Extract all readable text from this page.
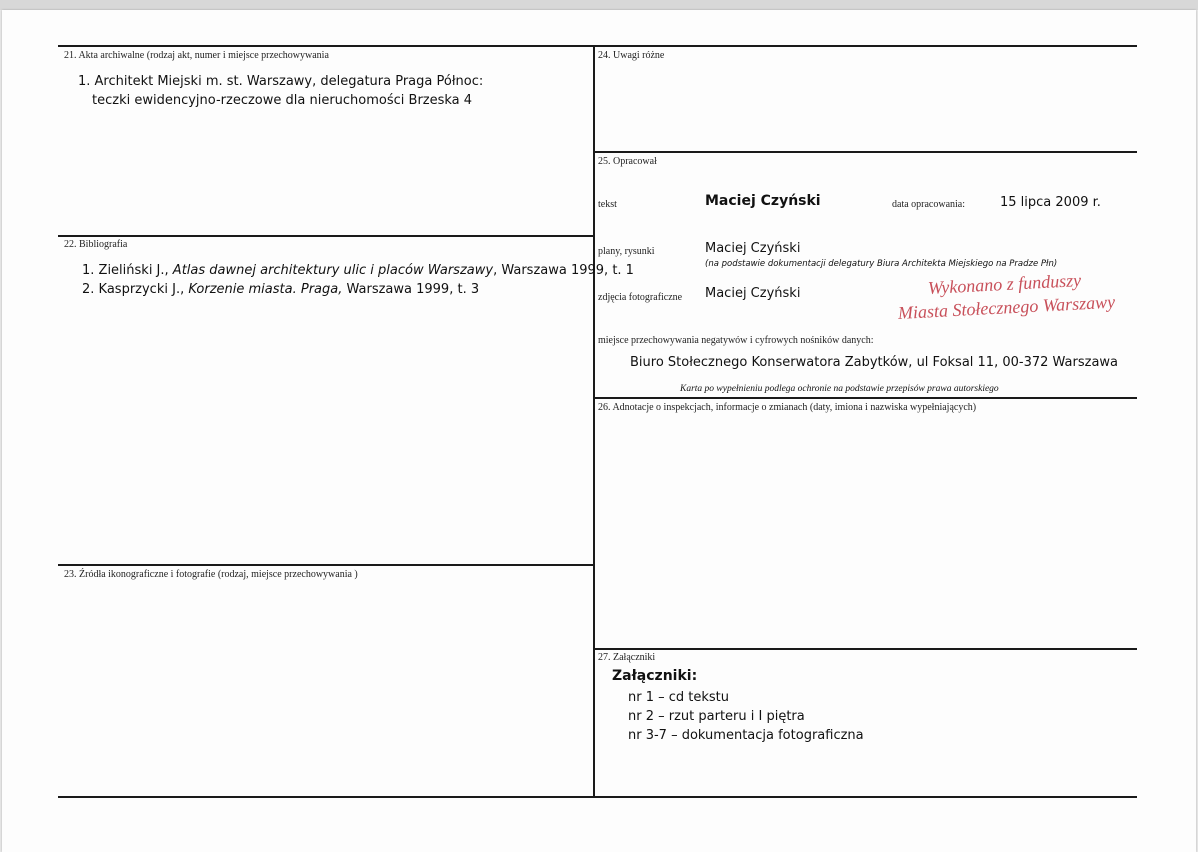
21. Akta archiwalne (rodzaj akt, numer i miejsce przechowywania
1. Architekt Miejski m. st. Warszawy, delegatura Praga Północ:
teczki ewidencyjno-rzeczowe dla nieruchomości Brzeska 4
22. Bibliografia
1. Zieliński J., Atlas dawnej architektury ulic i placów Warszawy, Warszawa 1999, t. 1
2. Kasprzycki J., Korzenie miasta. Praga, Warszawa 1999, t. 3
23. Źródła ikonograficzne i fotografie (rodzaj, miejsce przechowywania )
24. Uwagi różne
25. Opracował
tekst	Maciej Czyński	data opracowania:	15 lipca 2009 r.
plany, rysunki	Maciej Czyński
(na podstawie dokumentacji delegatury Biura Architekta Miejskiego na Pradze Płn)
zdjęcia fotograficzne Maciej Czyński	Wykonano z funduszy
Miasta Stołecznego Warszawy
miejsce przechowywania negatywów i cyfrowych nośników danych:
Biuro Stołecznego Konserwatora Zabytków, ul Foksal 11, 00-372 Warszawa
Karta po wypełnieniu podlega ochronie na podstawie przepisów prawa autorskiego
26. Adnotacje o inspekcjach, informacje o zmianach (daty, imiona i nazwiska wypełniających)
27. Załączniki
Załączniki:
nr 1 – cd tekstu
nr 2 – rzut parteru i I piętra
nr 3-7 – dokumentacja fotograficzna
